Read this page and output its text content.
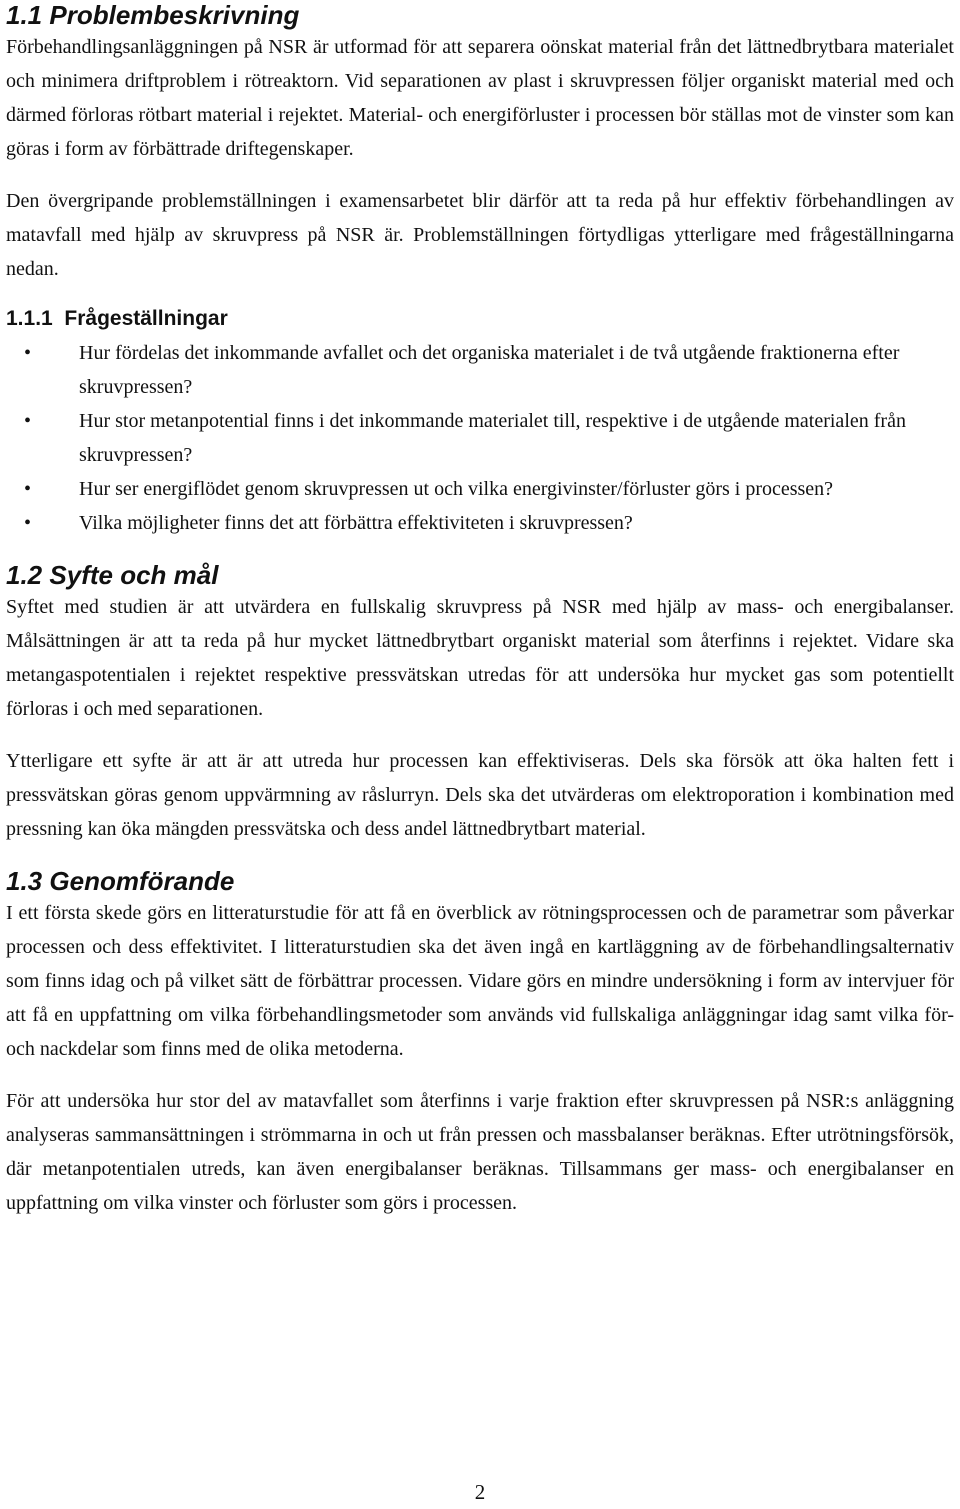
1.1 Problembeskrivning

Förbehandlingsanläggningen på NSR är utformad för att separera oönskat material från det lättnedbrytbara materialet och minimera driftproblem i rötreaktorn. Vid separationen av plast i skruvpressen följer organiskt material med och därmed förloras rötbart material i rejektet. Material- och energiförluster i processen bör ställas mot de vinster som kan göras i form av förbättrade driftegenskaper.

Den övergripande problemställningen i examensarbetet blir därför att ta reda på hur effektiv förbehandlingen av matavfall med hjälp av skruvpress på NSR är. Problemställningen förtydligas ytterligare med frågeställningarna nedan.

1.1.1 Frågeställningar
• Hur fördelas det inkommande avfallet och det organiska materialet i de två utgående fraktionerna efter skruvpressen?
• Hur stor metanpotential finns i det inkommande materialet till, respektive i de utgående materialen från skruvpressen?
• Hur ser energiflödet genom skruvpressen ut och vilka energivinster/förluster görs i processen?
• Vilka möjligheter finns det att förbättra effektiviteten i skruvpressen?
1.2 Syfte och mål

Syftet med studien är att utvärdera en fullskalig skruvpress på NSR med hjälp av mass- och energibalanser. Målsättningen är att ta reda på hur mycket lättnedbrytbart organiskt material som återfinns i rejektet. Vidare ska metangaspotentialen i rejektet respektive pressvätskan utredas för att undersöka hur mycket gas som potentiellt förloras i och med separationen.

Ytterligare ett syfte är att är att utreda hur processen kan effektiviseras. Dels ska försök att öka halten fett i pressvätskan göras genom uppvärmning av råslurryn. Dels ska det utvärderas om elektroporation i kombination med pressning kan öka mängden pressvätska och dess andel lättnedbrytbart material.

1.3 Genomförande

I ett första skede görs en litteraturstudie för att få en överblick av rötningsprocessen och de parametrar som påverkar processen och dess effektivitet. I litteraturstudien ska det även ingå en kartläggning av de förbehandlingsalternativ som finns idag och på vilket sätt de förbättrar processen. Vidare görs en mindre undersökning i form av intervjuer för att få en uppfattning om vilka förbehandlingsmetoder som används vid fullskaliga anläggningar idag samt vilka för- och nackdelar som finns med de olika metoderna.

För att undersöka hur stor del av matavfallet som återfinns i varje fraktion efter skruvpressen på NSR:s anläggning analyseras sammansättningen i strömmarna in och ut från pressen och massbalanser beräknas. Efter utrötningsförsök, där metanpotentialen utreds, kan även energibalanser beräknas. Tillsammans ger mass- och energibalanser en uppfattning om vilka vinster och förluster som görs i processen.

2
